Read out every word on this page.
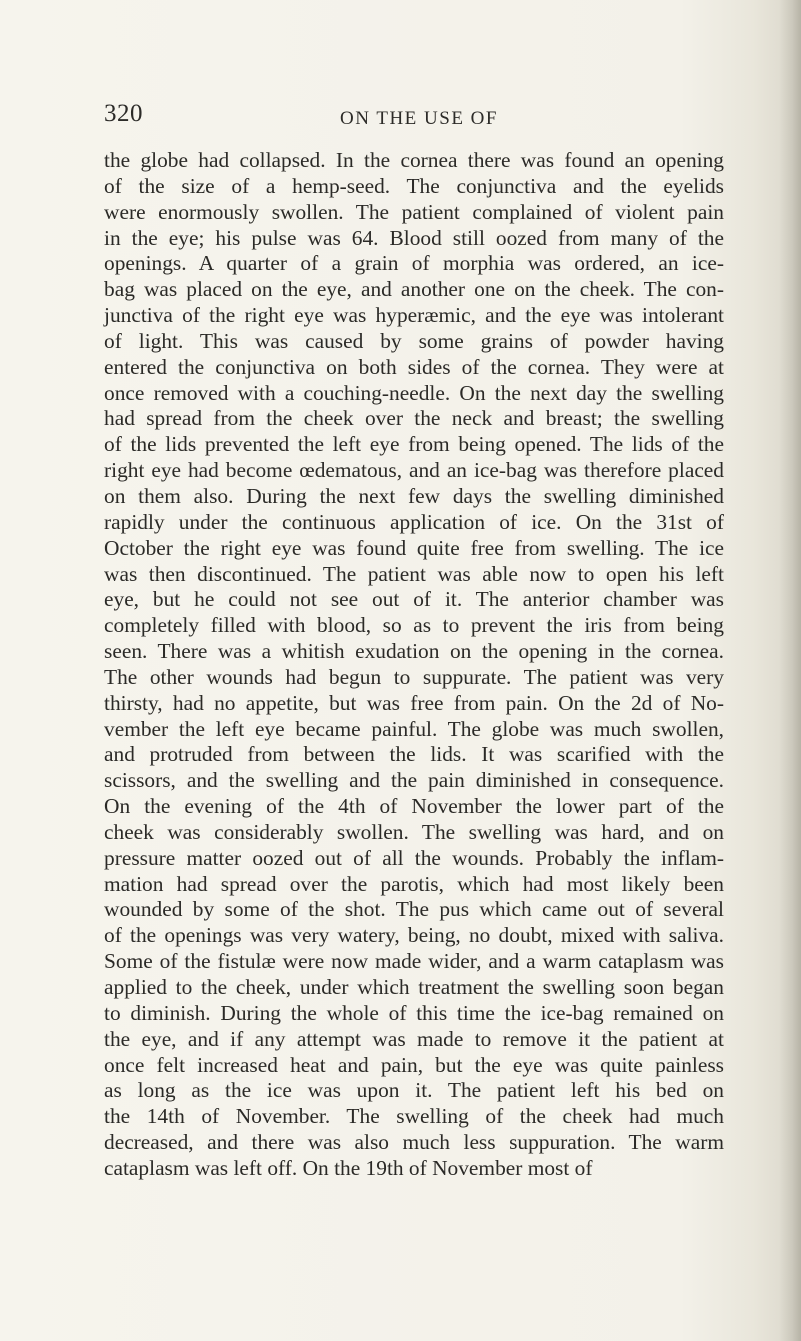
320	ON THE USE OF
the globe had collapsed. In the cornea there was found an opening
of the size of a hemp-seed. The conjunctiva and the eyelids
were enormously swollen. The patient complained of violent pain
in the eye; his pulse was 64. Blood still oozed from many of the
openings. A quarter of a grain of morphia was ordered, an ice-
bag was placed on the eye, and another one on the cheek. The con-
junctiva of the right eye was hyperæmic, and the eye was intolerant
of light. This was caused by some grains of powder having
entered the conjunctiva on both sides of the cornea. They were at
once removed with a couching-needle. On the next day the swelling
had spread from the cheek over the neck and breast; the swelling
of the lids prevented the left eye from being opened. The lids of the
right eye had become œdematous, and an ice-bag was therefore placed
on them also. During the next few days the swelling diminished
rapidly under the continuous application of ice. On the 31st of
October the right eye was found quite free from swelling. The ice
was then discontinued. The patient was able now to open his left
eye, but he could not see out of it. The anterior chamber was
completely filled with blood, so as to prevent the iris from being
seen. There was a whitish exudation on the opening in the cornea.
The other wounds had begun to suppurate. The patient was very
thirsty, had no appetite, but was free from pain. On the 2d of No-
vember the left eye became painful. The globe was much swollen,
and protruded from between the lids. It was scarified with the
scissors, and the swelling and the pain diminished in consequence.
On the evening of the 4th of November the lower part of the
cheek was considerably swollen. The swelling was hard, and on
pressure matter oozed out of all the wounds. Probably the inflam-
mation had spread over the parotis, which had most likely been
wounded by some of the shot. The pus which came out of several
of the openings was very watery, being, no doubt, mixed with saliva.
Some of the fistulæ were now made wider, and a warm cataplasm was
applied to the cheek, under which treatment the swelling soon began
to diminish. During the whole of this time the ice-bag remained on
the eye, and if any attempt was made to remove it the patient at
once felt increased heat and pain, but the eye was quite painless
as long as the ice was upon it. The patient left his bed on
the 14th of November. The swelling of the cheek had much
decreased, and there was also much less suppuration. The warm
cataplasm was left off. On the 19th of November most of
